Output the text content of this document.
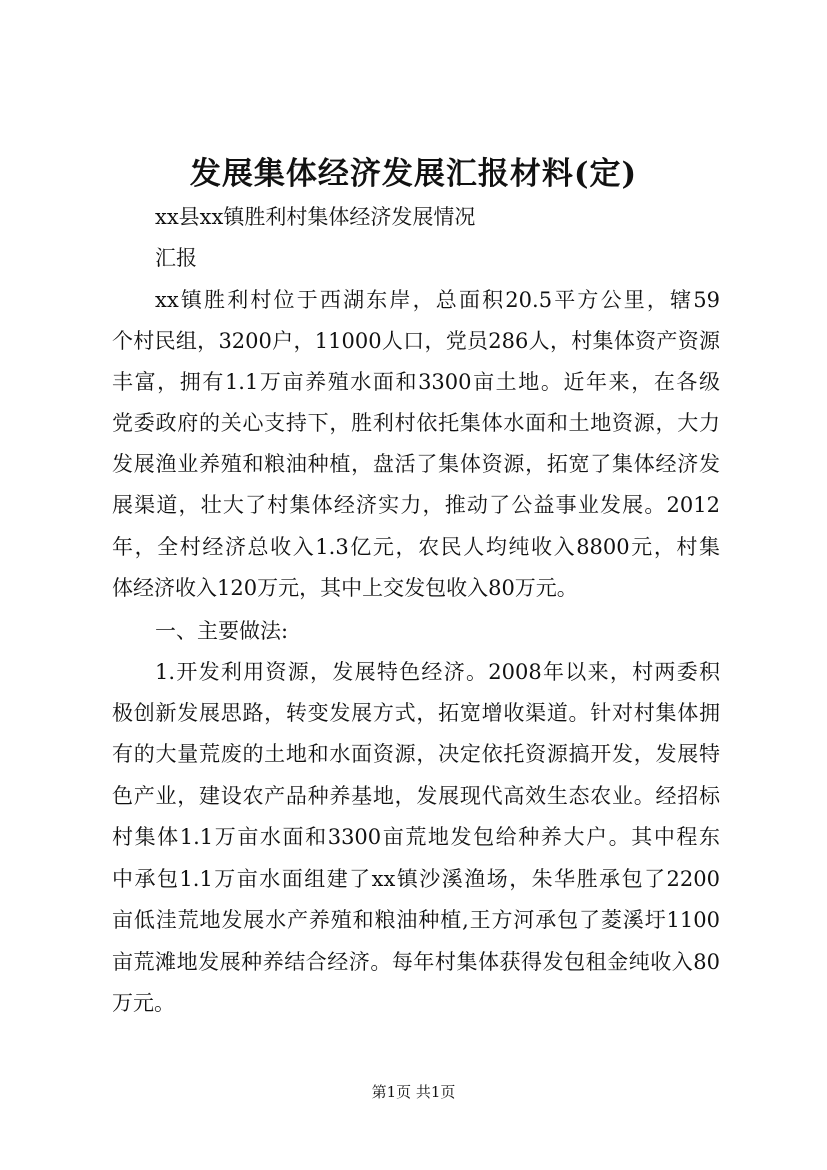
发展集体经济发展汇报材料(定)
xx县xx镇胜利村集体经济发展情况
汇报
xx镇胜利村位于西湖东岸，总面积20.5平方公里，辖59
个村民组，3200户，11000人口，党员286人，村集体资产资源
丰富，拥有1.1万亩养殖水面和3300亩土地。近年来，在各级
党委政府的关心支持下，胜利村依托集体水面和土地资源，大力
发展渔业养殖和粮油种植，盘活了集体资源，拓宽了集体经济发
展渠道，壮大了村集体经济实力，推动了公益事业发展。2012
年，全村经济总收入1.3亿元，农民人均纯收入8800元，村集
体经济收入120万元，其中上交发包收入80万元。
一、主要做法:
1.开发利用资源，发展特色经济。2008年以来，村两委积
极创新发展思路，转变发展方式，拓宽增收渠道。针对村集体拥
有的大量荒废的土地和水面资源，决定依托资源搞开发，发展特
色产业，建设农产品种养基地，发展现代高效生态农业。经招标
村集体1.1万亩水面和3300亩荒地发包给种养大户。其中程东
中承包1.1万亩水面组建了xx镇沙溪渔场，朱华胜承包了2200
亩低洼荒地发展水产养殖和粮油种植,王方河承包了菱溪圩1100
亩荒滩地发展种养结合经济。每年村集体获得发包租金纯收入80
万元。
第1页 共1页
